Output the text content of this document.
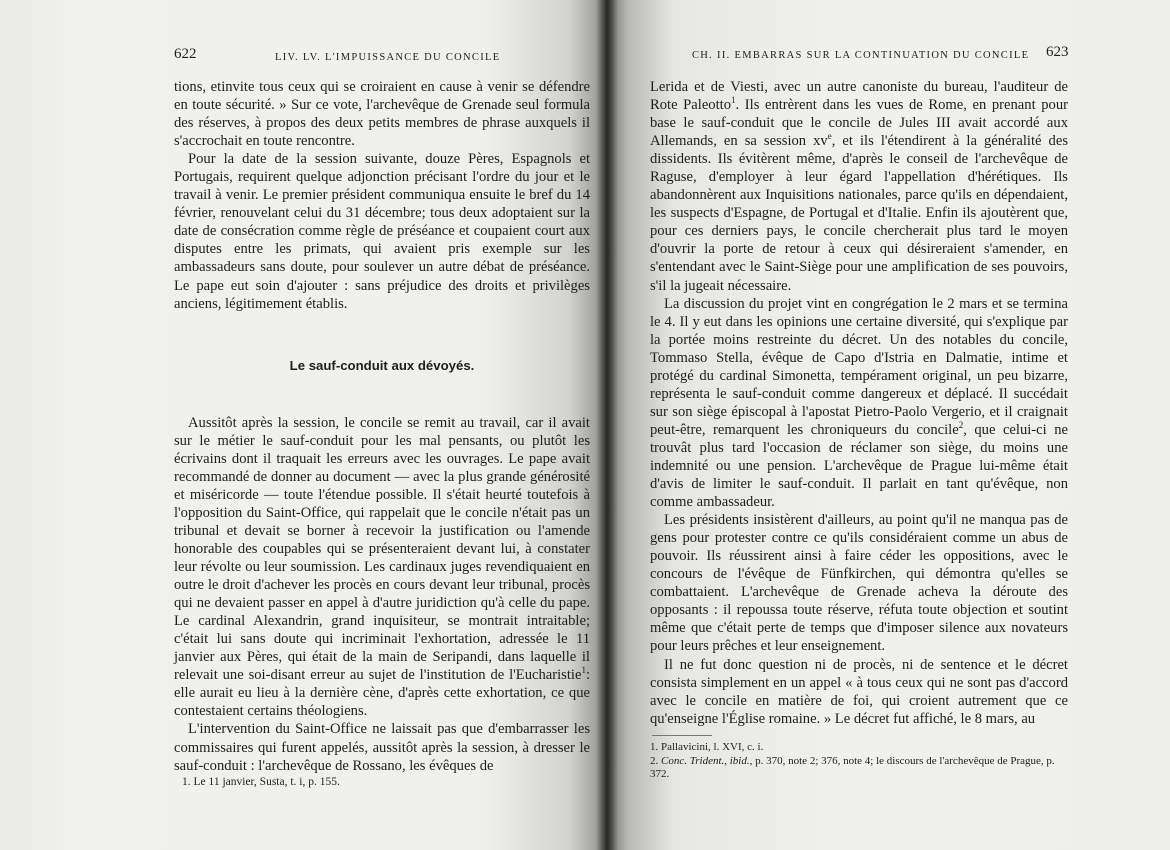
622	LIV. LV. L'IMPUISSANCE DU CONCILE

tions, etinvite tous ceux qui se croiraient en cause à venir se défendre en toute sécurité. » Sur ce vote, l'archevêque de Grenade seul formula des réserves, à propos des deux petits membres de phrase auxquels il s'accrochait en toute rencontre.

Pour la date de la session suivante, douze Pères, Espagnols et Portugais, requirent quelque adjonction précisant l'ordre du jour et le travail à venir. Le premier président communiqua ensuite le bref du 14 février, renouvelant celui du 31 décembre; tous deux adoptaient sur la date de consécration comme règle de préséance et coupaient court aux disputes entre les primats, qui avaient pris exemple sur les ambassadeurs sans doute, pour soulever un autre débat de préséance. Le pape eut soin d'ajouter : sans préjudice des droits et privilèges anciens, légitimement établis.

Le sauf-conduit aux dévoyés.

Aussitôt après la session, le concile se remit au travail, car il avait sur le métier le sauf-conduit pour les mal pensants, ou plutôt les écrivains dont il traquait les erreurs avec les ouvrages. Le pape avait recommandé de donner au document — avec la plus grande générosité et miséricorde — toute l'étendue possible. Il s'était heurté toutefois à l'opposition du Saint-Office, qui rappelait que le concile n'était pas un tribunal et devait se borner à recevoir la justification ou l'amende honorable des coupables qui se présenteraient devant lui, à constater leur révolte ou leur soumission. Les cardinaux juges revendiquaient en outre le droit d'achever les procès en cours devant leur tribunal, procès qui ne devaient passer en appel à d'autre juridiction qu'à celle du pape. Le cardinal Alexandrin, grand inquisiteur, se montrait intraitable; c'était lui sans doute qui incriminait l'exhortation, adressée le 11 janvier aux Pères, qui était de la main de Seripandi, dans laquelle il relevait une soi-disant erreur au sujet de l'institution de l'Eucharistie$^1$: elle aurait eu lieu à la dernière cène, d'après cette exhortation, ce que contestaient certains théologiens.

L'intervention du Saint-Office ne laissait pas que d'embarrasser les commissaires qui furent appelés, aussitôt après la session, à dresser le sauf-conduit : l'archevêque de Rossano, les évêques de

1. Le 11 janvier, Susta, t. i, p. 155.
CH. II. EMBARRAS SUR LA CONTINUATION DU CONCILE 623

Lerida et de Viesti, avec un autre canoniste du bureau, l'auditeur de Rote Paleotto$^1$. Ils entrèrent dans les vues de Rome, en prenant pour base le sauf-conduit que le concile de Jules III avait accordé aux Allemands, en sa session $xv^e$, et ils l'étendirent à la généralité des dissidents. Ils évitèrent même, d'après le conseil de l'archevêque de Raguse, d'employer à leur égard l'appellation d'hérétiques. Ils abandonnèrent aux Inquisitions nationales, parce qu'ils en dépendaient, les suspects d'Espagne, de Portugal et d'Italie. Enfin ils ajoutèrent que, pour ces derniers pays, le concile chercherait plus tard le moyen d'ouvrir la porte de retour à ceux qui désireraient s'amender, en s'entendant avec le Saint-Siège pour une amplification de ses pouvoirs, s'il la jugeait nécessaire.

La discussion du projet vint en congrégation le 2 mars et se termina le 4. Il y eut dans les opinions une certaine diversité, qui s'explique par la portée moins restreinte du décret. Un des notables du concile, Tommaso Stella, évêque de Capo d'Istria en Dalmatie, intime et protégé du cardinal Simonetta, tempérament original, un peu bizarre, représenta le sauf-conduit comme dangereux et déplacé. Il succédait sur son siège épiscopal à l'apostat Pietro-Paolo Vergerio, et il craignait peut-être, remarquent les chroniqueurs du concile$^2$, que celui-ci ne trouvât plus tard l'occasion de réclamer son siège, du moins une indemnité ou une pension. L'archevêque de Prague lui-même était d'avis de limiter le sauf-conduit. Il parlait en tant qu'évêque, non comme ambassadeur.

Les présidents insistèrent d'ailleurs, au point qu'il ne manqua pas de gens pour protester contre ce qu'ils considéraient comme un abus de pouvoir. Ils réussirent ainsi à faire céder les oppositions, avec le concours de l'évêque de Fünfkirchen, qui démontra qu'elles se combattaient. L'archevêque de Grenade acheva la déroute des opposants : il repoussa toute réserve, réfuta toute objection et soutint même que c'était perte de temps que d'imposer silence aux novateurs pour leurs prêches et leur enseignement.

Il ne fut donc question ni de procès, ni de sentence et le décret consista simplement en un appel « à tous ceux qui ne sont pas d'accord avec le concile en matière de foi, qui croient autrement que ce qu'enseigne l'Église romaine. » Le décret fut affiché, le 8 mars, au

1. Pallavicini, l. XVI, c. i.

2. Conc. Trident., ibid., p. 370, note 2; 376, note 4; le discours de l'archevêque de Prague, p. 372.
